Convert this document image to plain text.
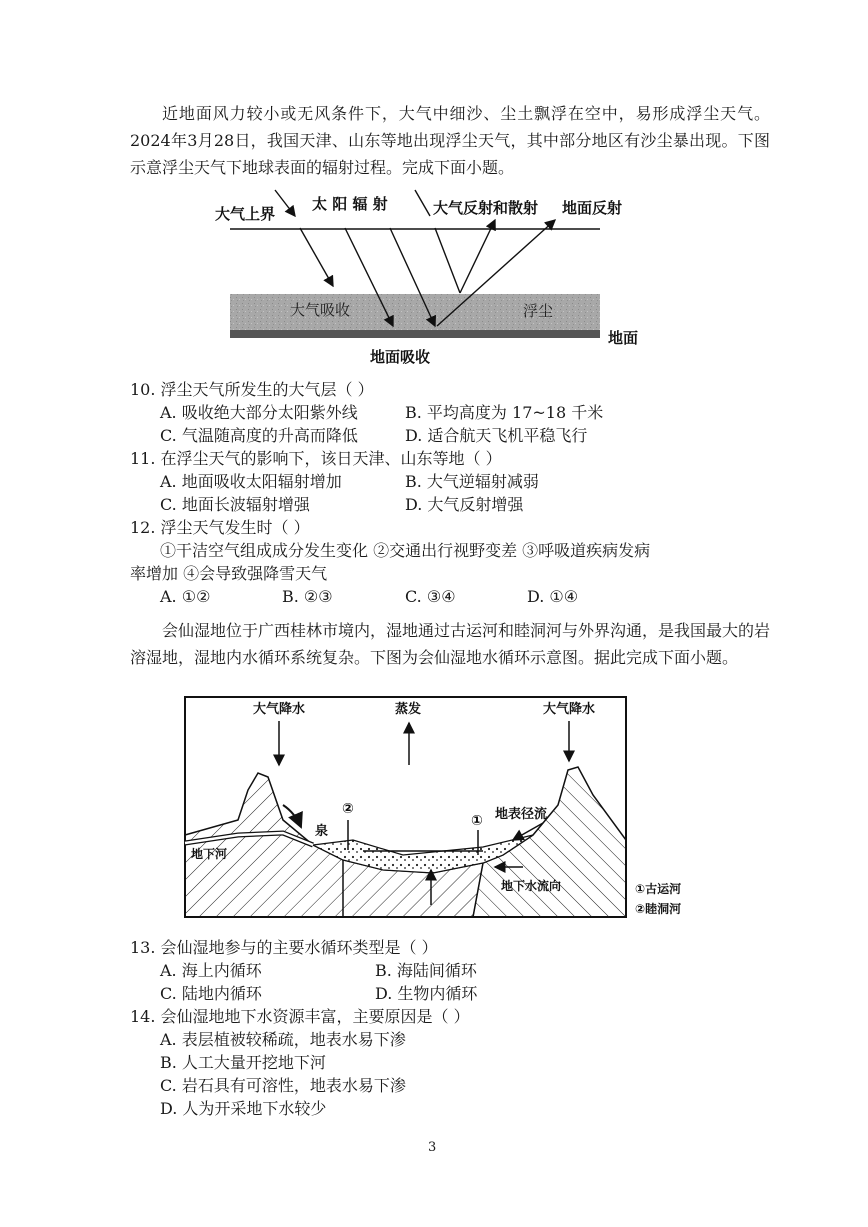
近地面风力较小或无风条件下，大气中细沙、尘土飘浮在空中，易形成浮尘天气。2024年3月28日，我国天津、山东等地出现浮尘天气，其中部分地区有沙尘暴出现。下图示意浮尘天气下地球表面的辐射过程。完成下面小题。
大气上界
太 阳 辐 射	大气反射和散射 地面反射
大气吸收	浮尘
地面
地面吸收
10. 浮尘天气所发生的大气层（ ）
A. 吸收绝大部分太阳紫外线	B. 平均高度为 17~18 千米
C. 气温随高度的升高而降低	D. 适合航天飞机平稳飞行
11. 在浮尘天气的影响下，该日天津、山东等地（ ）
A. 地面吸收太阳辐射增加	B. 大气逆辐射减弱
C. 地面长波辐射增强	D. 大气反射增强
12. 浮尘天气发生时（ ）
①干洁空气组成成分发生变化 ②交通出行视野变差 ③呼吸道疾病发病
率增加 ④会导致强降雪天气
A. ①②	B. ②③	C. ③④	D. ①④
会仙湿地位于广西桂林市境内，湿地通过古运河和睦洞河与外界沟通，是我国最大的岩溶湿地，湿地内水循环系统复杂。下图为会仙湿地水循环示意图。据此完成下面小题。
大气降水	蒸发	大气降水
②
① 地表径流
泉
地下河
地下水流向	①古运河
②睦洞河
13. 会仙湿地参与的主要水循环类型是（ ）
A. 海上内循环	B. 海陆间循环
C. 陆地内循环	D. 生物内循环
14. 会仙湿地地下水资源丰富，主要原因是（ ）
A. 表层植被较稀疏，地表水易下渗
B. 人工大量开挖地下河
C. 岩石具有可溶性，地表水易下渗
D. 人为开采地下水较少
3
